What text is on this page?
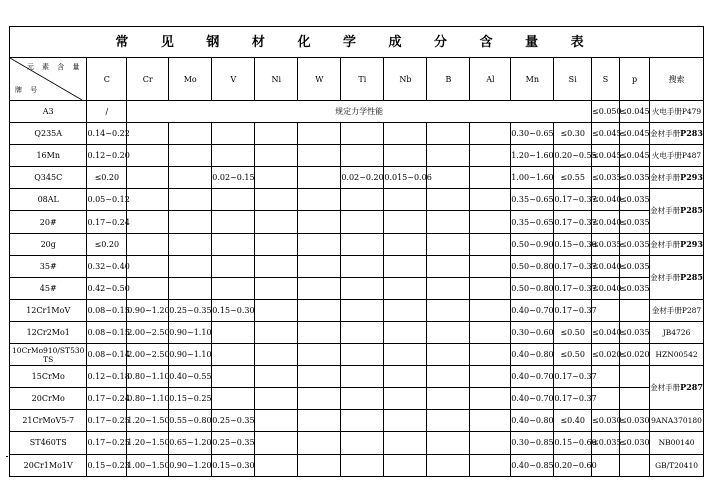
常 见 钢 材 化 学 成 分 含 量 表															

元 素 含 量
牌 号	C	Cr	Mo	V	Ni	W	Ti	Nb	B	Al	Mn	Si	S	p	搜索
A3	/	规定力学性能											≤0.050	≤0.045	火电手册P479
Q235A	0.14~0.22										0.30~0.65	≤0.30	≤0.045	≤0.045	金材手册P283
16Mn	0.12~0.20										1.20~1.60	0.20~0.55	≤0.045	≤0.045	火电手册P487
Q345C	≤0.20			0.02~0.15			0.02~0.20	0.015~0.06			1.00~1.60	≤0.55	≤0.035	≤0.035	金材手册P293
08AL	0.05~0.12										0.35~0.65	0.17~0.37	≤0.040	≤0.035	金材手册P285
20#	0.17~0.24										0.35~0.65	0.17~0.37	≤0.040	≤0.035	
20g	≤0.20										0.50~0.90	0.15~0.30	≤0.035	≤0.035	金材手册P293
35#	0.32~0.40										0.50~0.80	0.17~0.37	≤0.040	≤0.035	金材手册P285
45#	0.42~0.50										0.50~0.80	0.17~0.37	≤0.040	≤0.035	
12Cr1MoV	0.08~0.15	0.90~1.20	0.25~0.35	0.15~0.30							0.40~0.70	0.17~0.37			金材手册P287
12Cr2Mo1	0.08~0.15	2.00~2.50	0.90~1.10								0.30~0.60	≤0.50	≤0.040	≤0.035	JB4726

10CrMo910/ST530
TS	0.08~0.14	2.00~2.50	0.90~1.10								0.40~0.80	≤0.50	≤0.020	≤0.020	HZN00542
15CrMo	0.12~0.18	0.80~1.10	0.40~0.55								0.40~0.70	0.17~0.37			金材手册P287
20CrMo	0.17~0.24	0.80~1.10	0.15~0.25								0.40~0.70	0.17~0.37			
21CrMoV5-7	0.17~0.25	1.20~1.50	0.55~0.80	0.25~0.35							0.40~0.80	≤0.40	≤0.030	≤0.030	9ANA370180
ST460TS	0.17~0.25	1.20~1.50	0.65~1.20	0.25~0.35							0.30~0.85	0.15~0.60	≤0.035	≤0.030	NB00140
20Cr1Mo1V	0.15~0.23	1.00~1.50	0.90~1.20	0.15~0.30							0.40~0.85	0.20~0.60			GB/T20410
